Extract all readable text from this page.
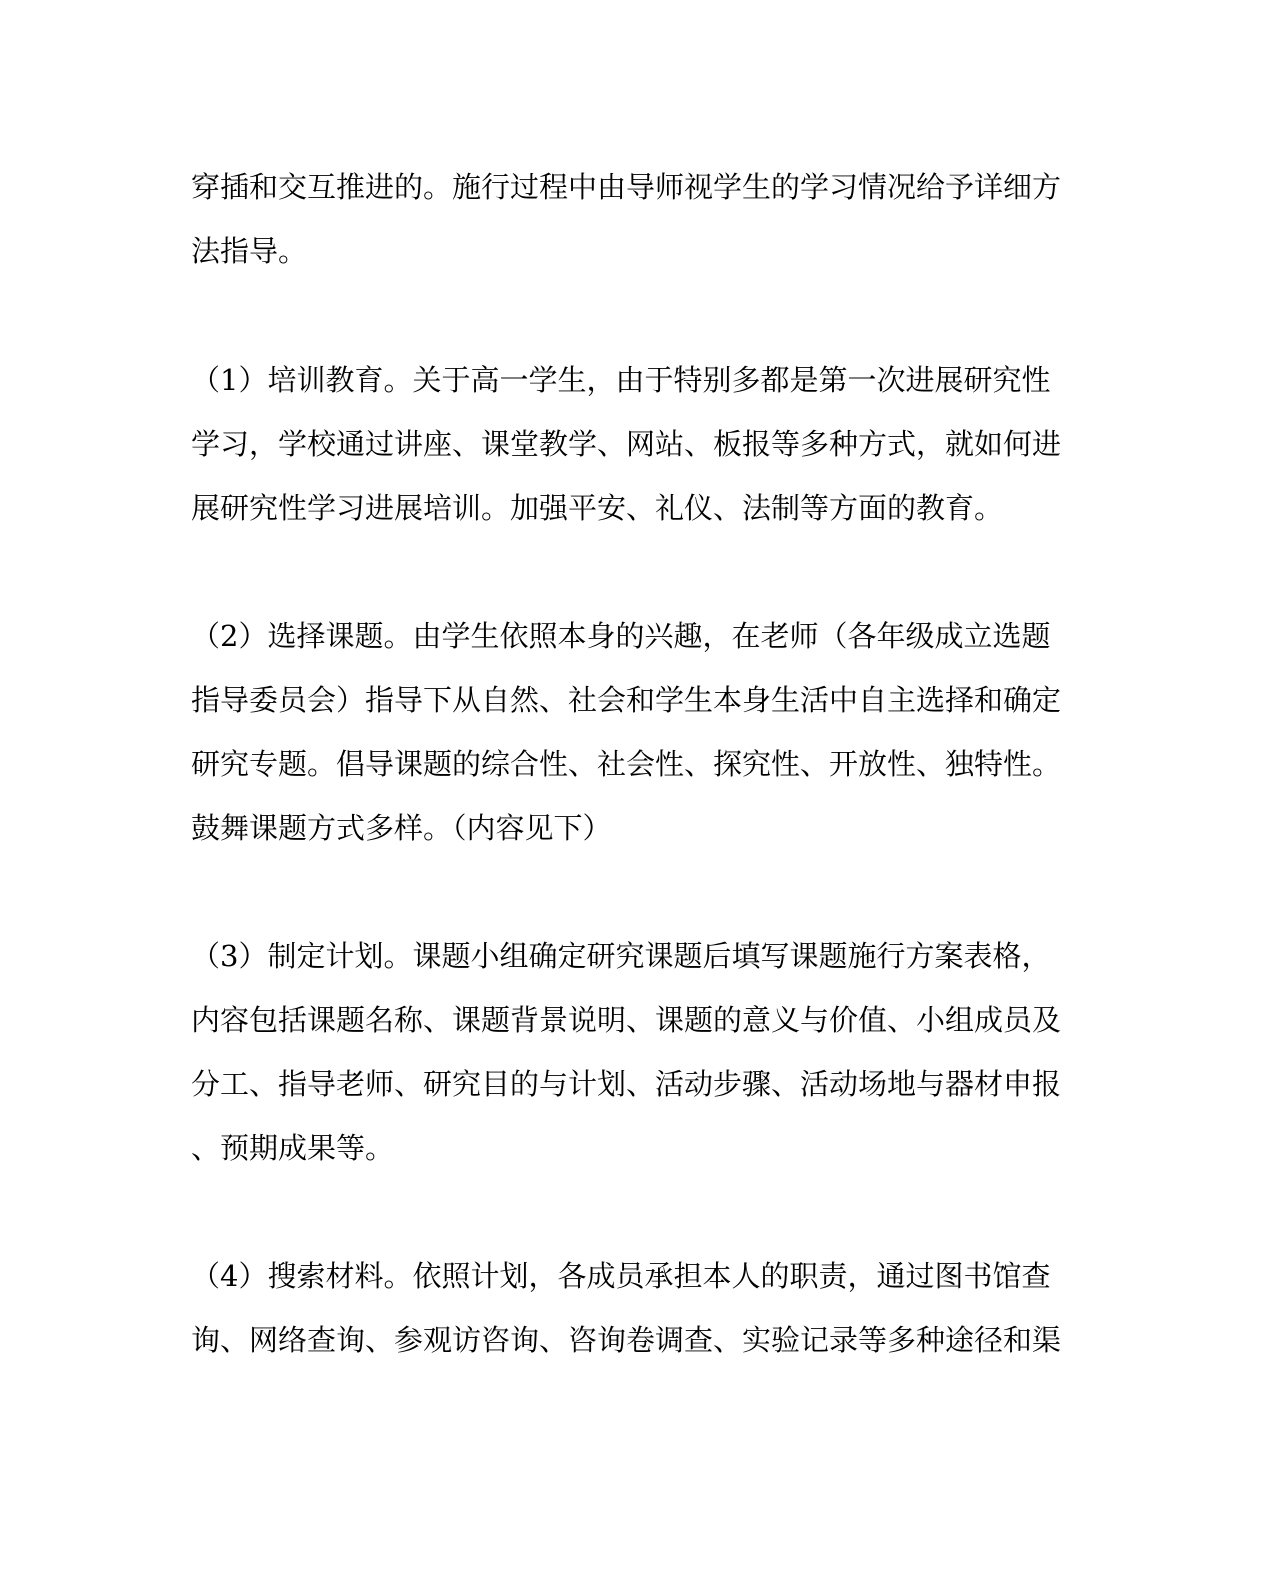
穿插和交互推进的。施行过程中由导师视学生的学习情况给予详细方
法指导。
（1）培训教育。关于高一学生，由于特别多都是第一次进展研究性
学习，学校通过讲座、课堂教学、网站、板报等多种方式，就如何进
展研究性学习进展培训。加强平安、礼仪、法制等方面的教育。
（2）选择课题。由学生依照本身的兴趣，在老师（各年级成立选题
指导委员会）指导下从自然、社会和学生本身生活中自主选择和确定
研究专题。倡导课题的综合性、社会性、探究性、开放性、独特性。
鼓舞课题方式多样。（内容见下）
（3）制定计划。课题小组确定研究课题后填写课题施行方案表格，
内容包括课题名称、课题背景说明、课题的意义与价值、小组成员及
分工、指导老师、研究目的与计划、活动步骤、活动场地与器材申报
、预期成果等。
（4）搜索材料。依照计划，各成员承担本人的职责，通过图书馆查
询、网络查询、参观访咨询、咨询卷调查、实验记录等多种途径和渠
